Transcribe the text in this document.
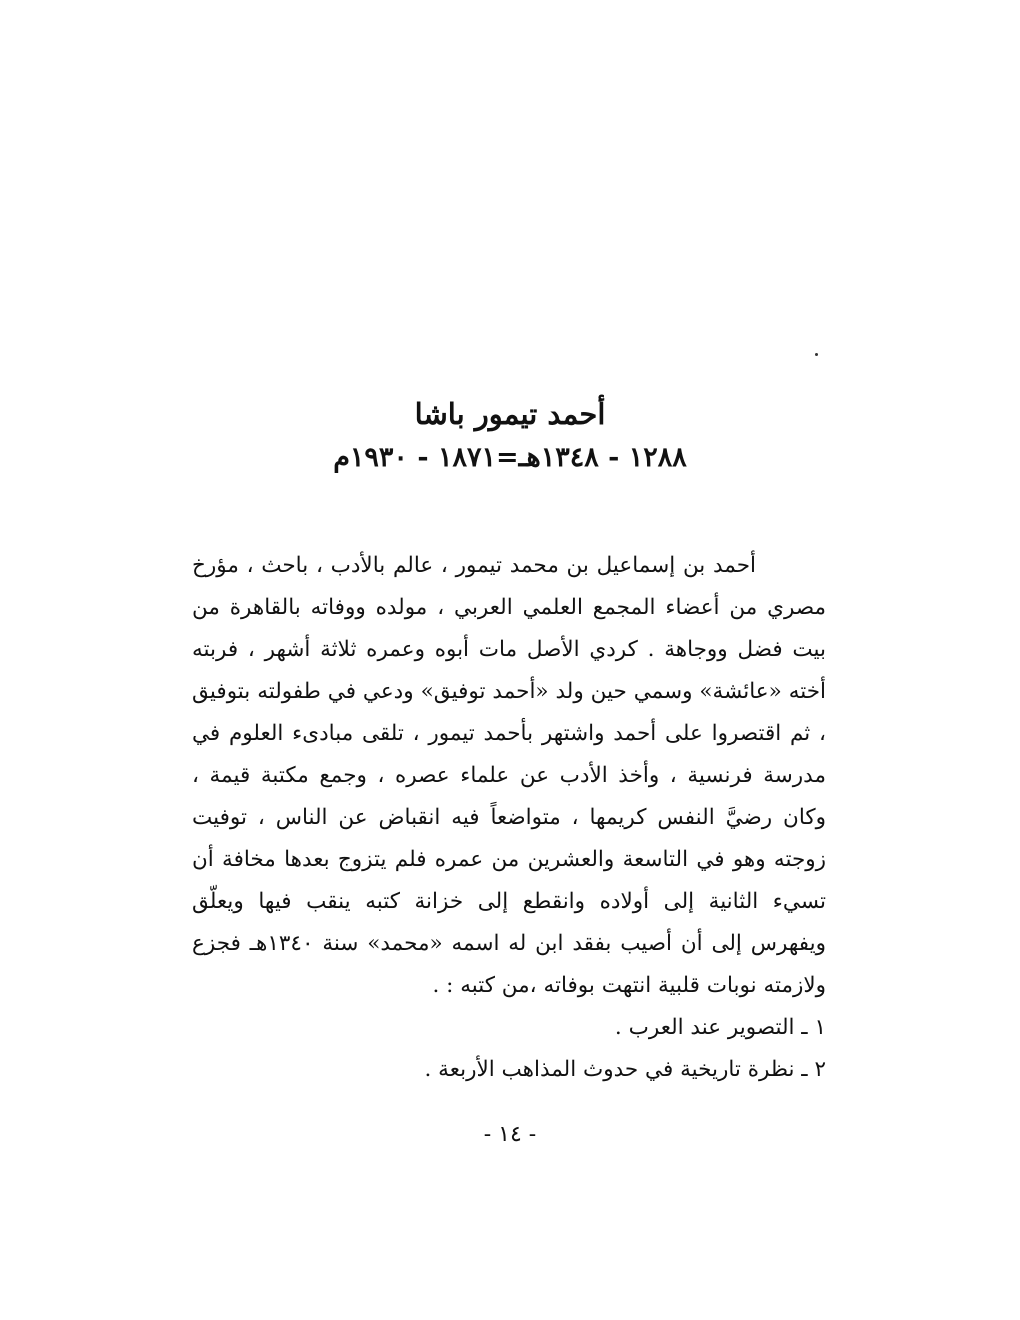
أحمد تيمور باشا

١٢٨٨ - ١٣٤٨هـ=١٨٧١ - ١٩٣٠م

أحمد بن إسماعيل بن محمد تيمور ، عالم بالأدب ، باحث ، مؤرخ مصري من أعضاء المجمع العلمي العربي ، مولده ووفاته بالقاهرة من بيت فضل ووجاهة . كردي الأصل مات أبوه وعمره ثلاثة أشهر ، فربته أخته «عائشة» وسمي حين ولد «أحمد توفيق» ودعي في طفولته بتوفيق ، ثم اقتصروا على أحمد واشتهر بأحمد تيمور ، تلقى مبادىء العلوم في مدرسة فرنسية ، وأخذ الأدب عن علماء عصره ، وجمع مكتبة قيمة ، وكان رضيَّ النفس كريمها ، متواضعاً فيه انقباض عن الناس ، توفيت زوجته وهو في التاسعة والعشرين من عمره فلم يتزوج بعدها مخافة أن تسيء الثانية إلى أولاده وانقطع إلى خزانة كتبه ينقب فيها ويعلّق ويفهرس إلى أن أصيب بفقد ابن له اسمه «محمد» سنة ١٣٤٠هـ فجزع ولازمته نوبات قلبية انتهت بوفاته ،من كتبه : .

١ ـ التصوير عند العرب .
٢ ـ نظرة تاريخية في حدوث المذاهب الأربعة .
- ١٤ -
